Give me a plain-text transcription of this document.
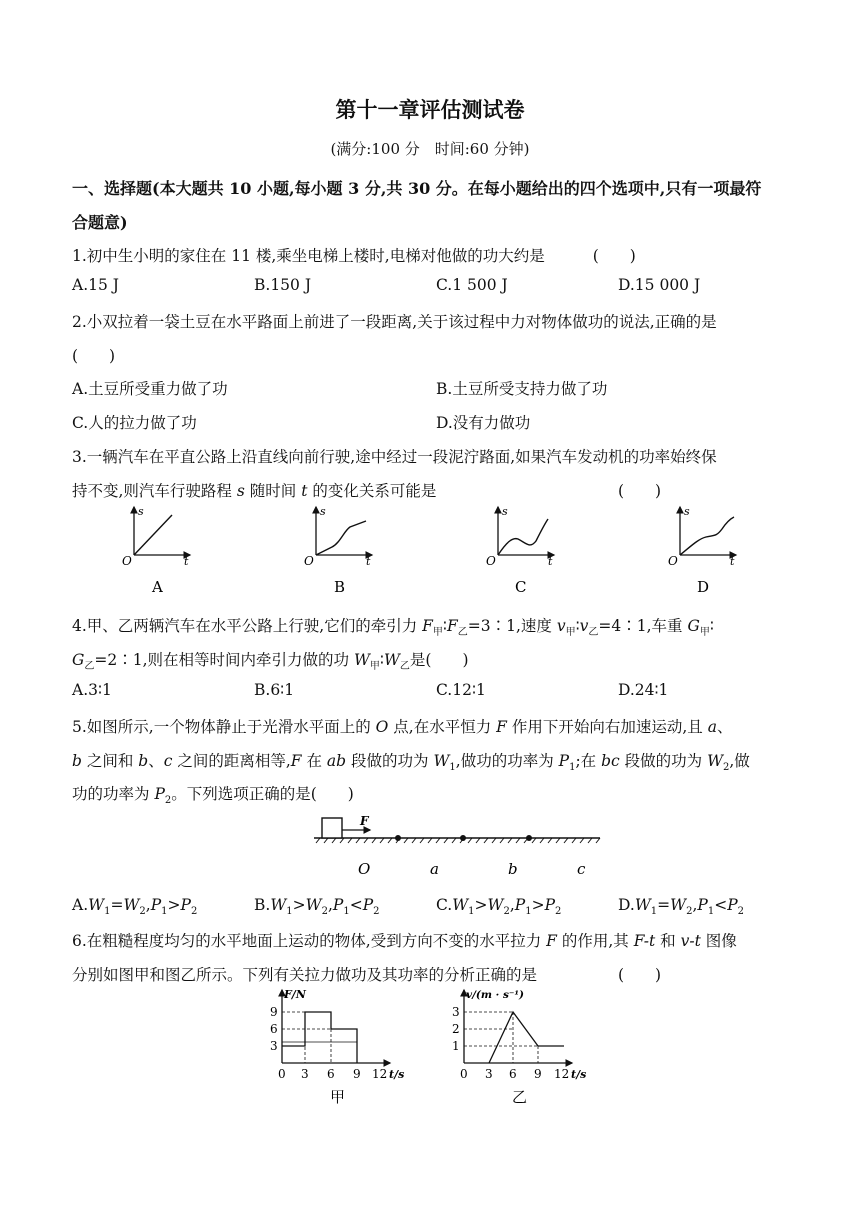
第十一章评估测试卷
(满分:100 分　时间:60 分钟)
一、选择题(本大题共 10 小题,每小题 3 分,共 30 分。在每小题给出的四个选项中,只有一项最符
合题意)
1.初中生小明的家住在 11 楼,乘坐电梯上楼时,电梯对他做的功大约是	(　　)
A.15 J	B.150 J	C.1 500 J	D.15 000 J
2.小双拉着一袋土豆在水平路面上前进了一段距离,关于该过程中力对物体做功的说法,正确的是
(　　)
A.土豆所受重力做了功	B.土豆所受支持力做了功
C.人的拉力做了功	D.没有力做功
3.一辆汽车在平直公路上沿直线向前行驶,途中经过一段泥泞路面,如果汽车发动机的功率始终保
持不变,则汽车行驶路程 s 随时间 t 的变化关系可能是	(　　)
s
t
O
A
s
t
O
B
s
t
O
C
s
t
O
D
4.甲、乙两辆汽车在水平公路上行驶,它们的牵引力 $F_甲∶F_乙=3∶1$,速度 $v_甲∶v_乙=4∶1$,车重 $G_甲∶$
$G_乙=2∶1$,则在相等时间内牵引力做的功 $W_甲∶W_乙$是(　　)
A.3∶1	B.6∶1	C.12∶1	D.24∶1
5.如图所示,一个物体静止于光滑水平面上的 O 点,在水平恒力 F 作用下开始向右加速运动,且 a、
b 之间和 b、c 之间的距离相等,F 在 ab 段做的功为 $W_1$,做功的功率为 $P_1$;在 bc 段做的功为 $W_2$,做
功的功率为 $P_2$。下列选项正确的是(　　)
F
O	a	b	c
$A.W_1=W_2,P_1>P_2$	$B.W_1>W_2,P_1<P_2$	$C.W_1>W_2,P_1>P_2$	$D.W_1=W_2,P_1<P_2$
6.在粗糙程度均匀的水平地面上运动的物体,受到方向不变的水平拉力 F 的作用,其 F-t 和 v-t 图像
分别如图甲和图乙所示。下列有关拉力做功及其功率的分析正确的是	(　　)
F/N
9
6
3
0 3 6 9 12 t/s
甲
v/(m · s⁻¹)
3
2
1
0 3 6 9 12 t/s
乙
